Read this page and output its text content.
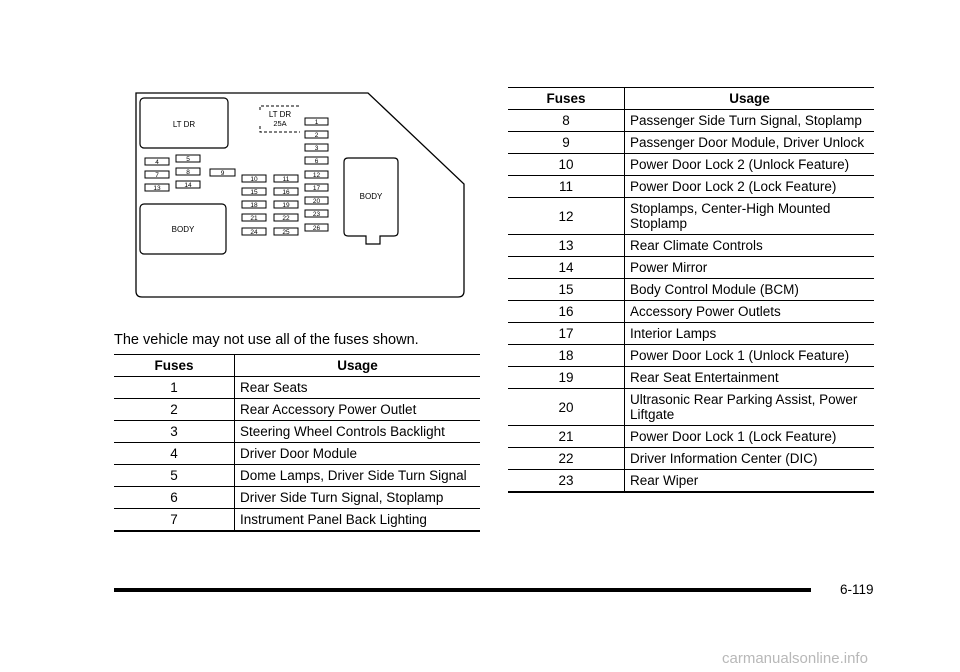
LT DR
LT DR
25A
BODY
BODY
1
2
3
4	5	6
7	8	9
10	11
12
13	14
15	16
17
18	19
20
21	22
23
24	25
26
The vehicle may not use all of the fuses shown.
Fuses	Usage
1	Rear Seats
2	Rear Accessory Power Outlet
3	Steering Wheel Controls Backlight
4	Driver Door Module
5	Dome Lamps, Driver Side Turn Signal
6	Driver Side Turn Signal, Stoplamp
7	Instrument Panel Back Lighting
Fuses	Usage
8	Passenger Side Turn Signal, Stoplamp
9	Passenger Door Module, Driver Unlock
10	Power Door Lock 2 (Unlock Feature)
11	Power Door Lock 2 (Lock Feature)
12	Stoplamps, Center-High Mounted Stoplamp
13	Rear Climate Controls
14	Power Mirror
15	Body Control Module (BCM)
16	Accessory Power Outlets
17	Interior Lamps
18	Power Door Lock 1 (Unlock Feature)
19	Rear Seat Entertainment
20	Ultrasonic Rear Parking Assist, Power Liftgate
21	Power Door Lock 1 (Lock Feature)
22	Driver Information Center (DIC)
23	Rear Wiper
6-119
carmanualsonline.info
